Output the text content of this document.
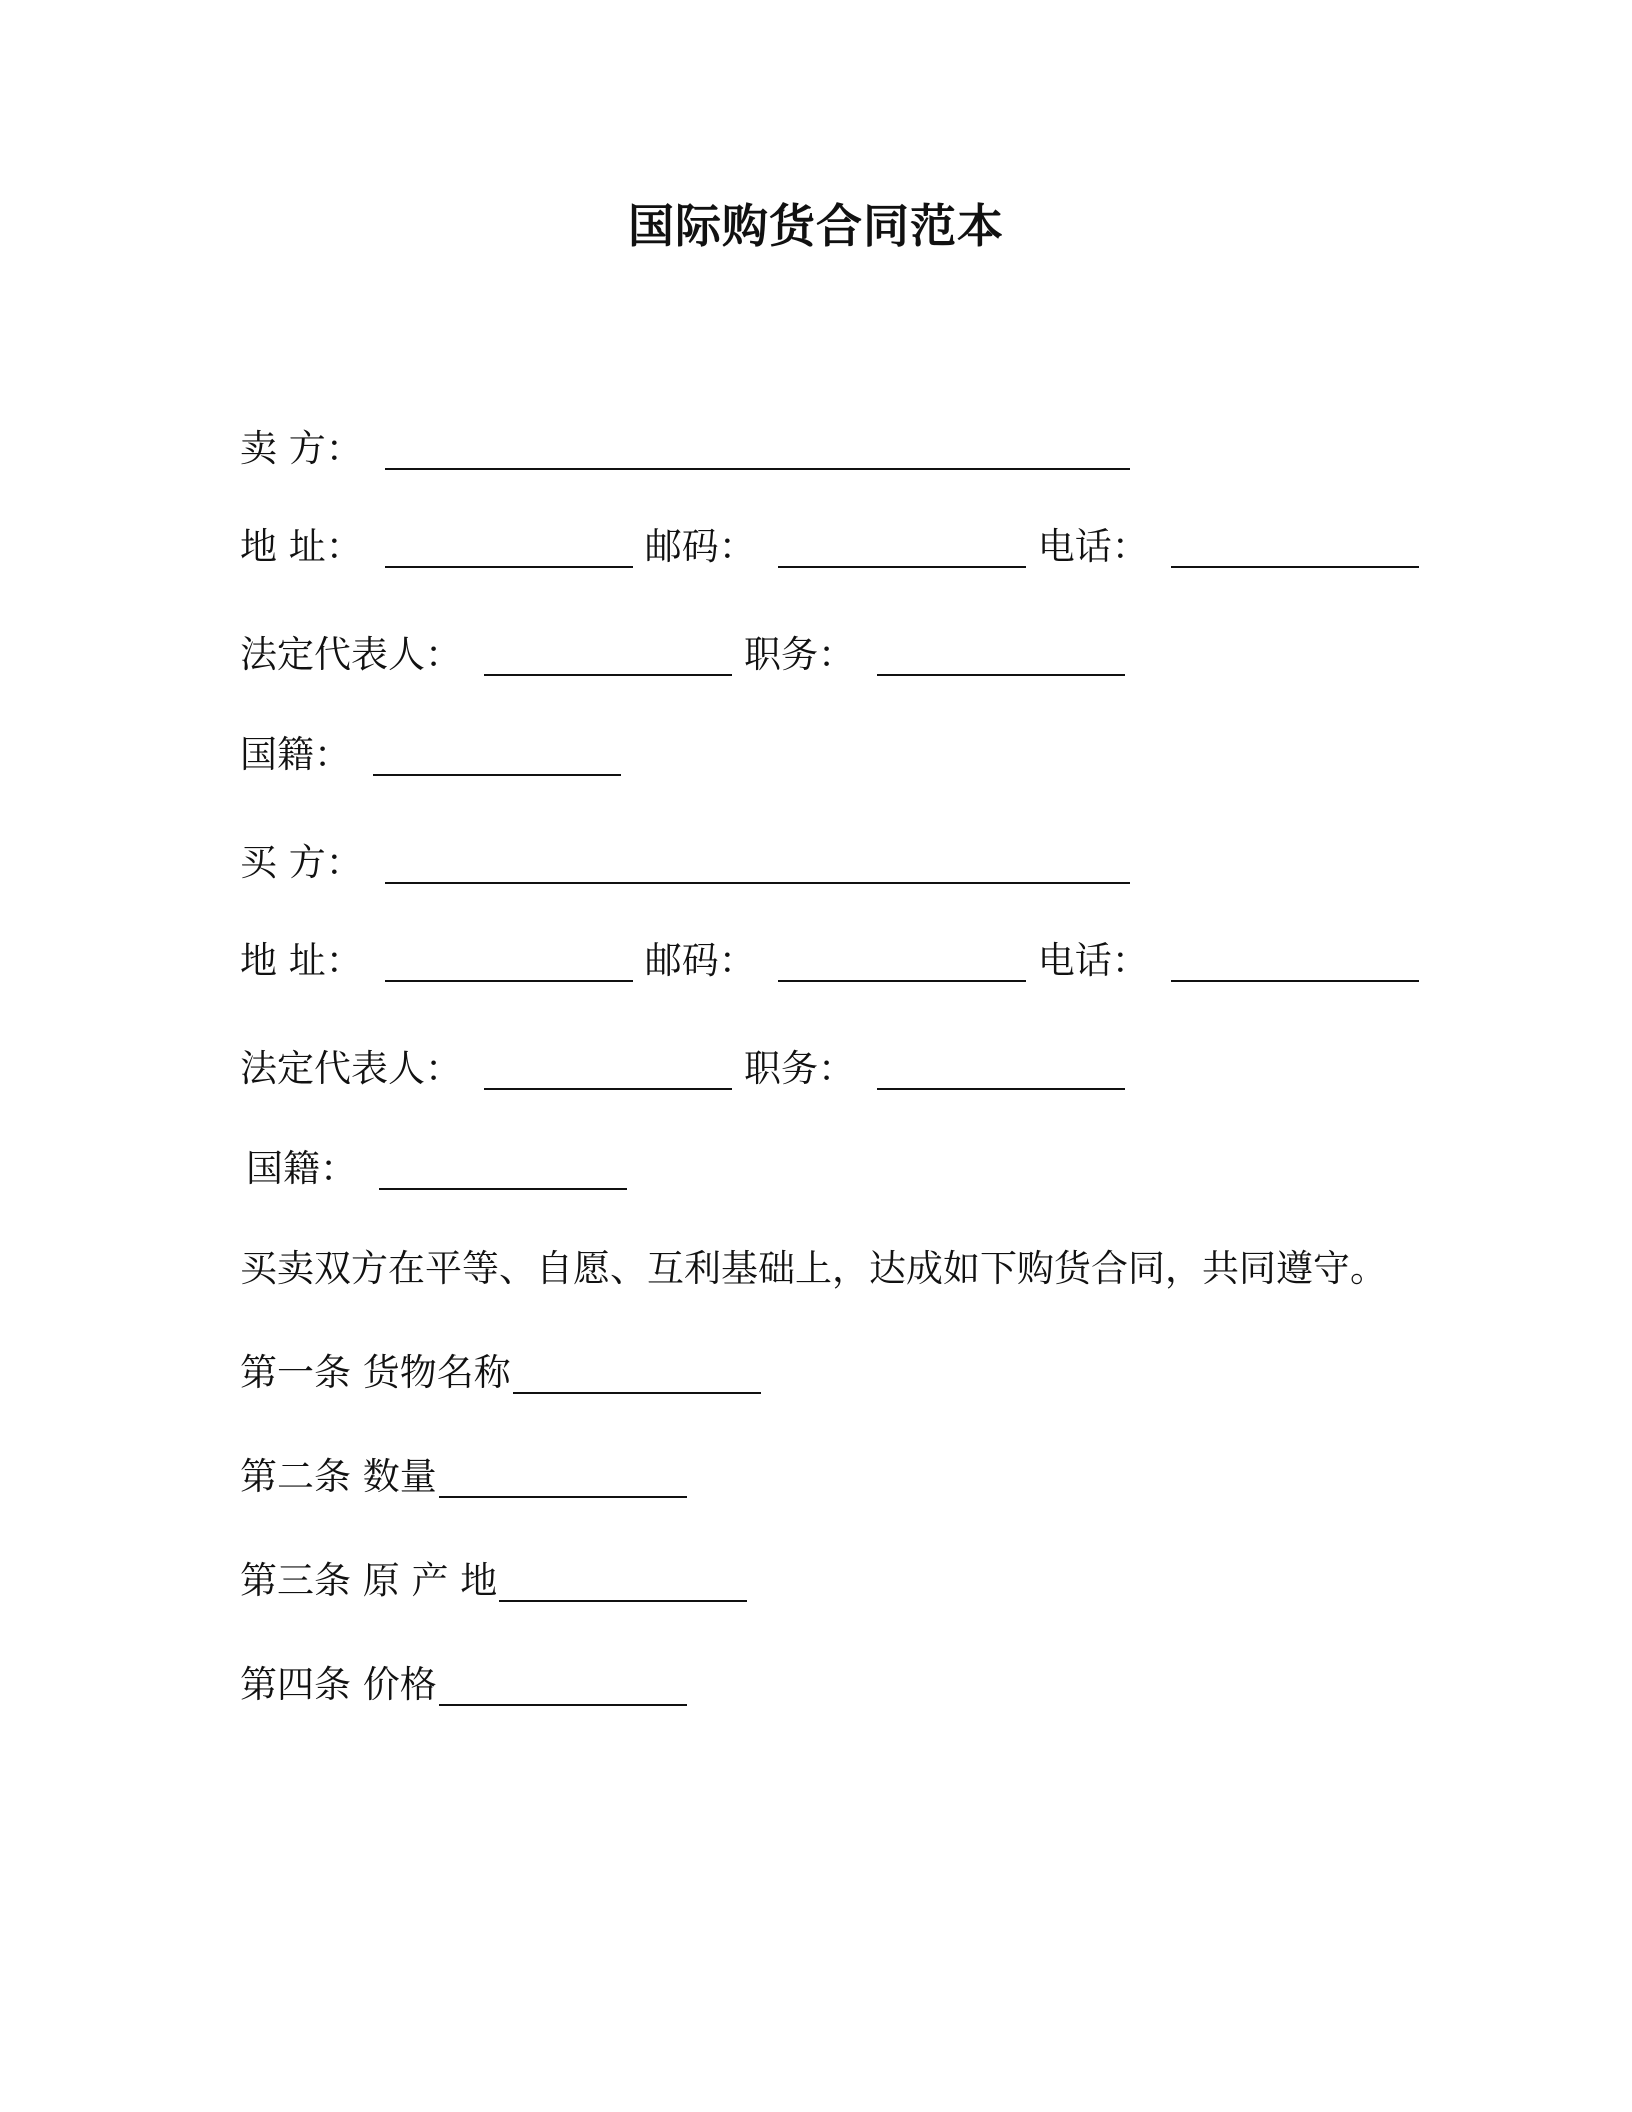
国际购货合同范本
卖 方：
地 址：	邮码：	电话：
法定代表人：	职务：
国籍：
买 方：
地 址：	邮码：	电话：
法定代表人：	职务：
国籍：
买卖双方在平等、自愿、互利基础上，达成如下购货合同，共同遵守。
第一条 货物名称
第二条 数量
第三条 原 产 地
第四条 价格
